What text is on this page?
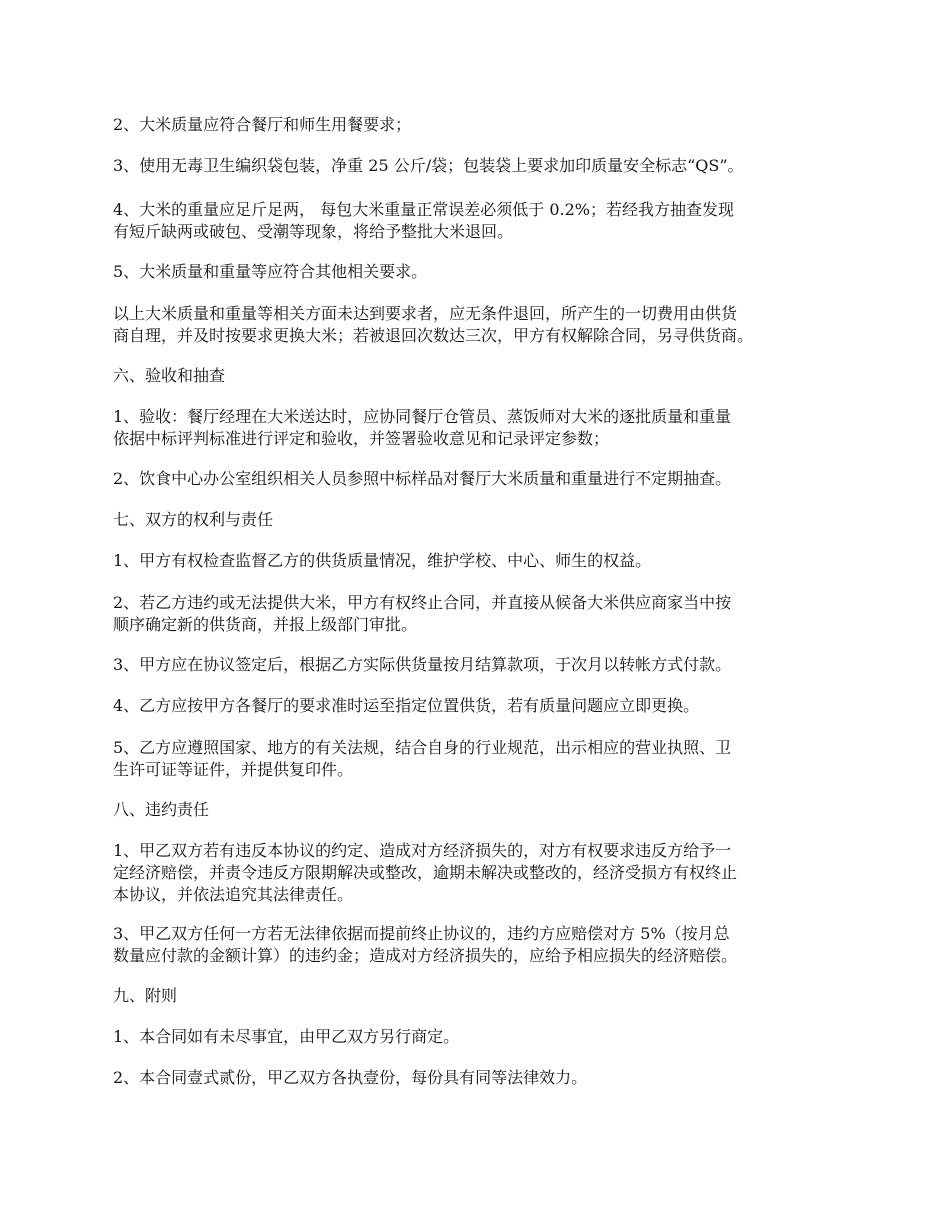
2、大米质量应符合餐厅和师生用餐要求；

3、使用无毒卫生编织袋包装，净重 25 公斤/袋；包装袋上要求加印质量安全标志“QS”。

4、大米的重量应足斤足两， 每包大米重量正常误差必须低于 0.2%；若经我方抽查发现
有短斤缺两或破包、受潮等现象，将给予整批大米退回。

5、大米质量和重量等应符合其他相关要求。

以上大米质量和重量等相关方面未达到要求者，应无条件退回，所产生的一切费用由供货
商自理，并及时按要求更换大米；若被退回次数达三次，甲方有权解除合同，另寻供货商。

六、验收和抽查

1、验收：餐厅经理在大米送达时，应协同餐厅仓管员、蒸饭师对大米的逐批质量和重量
依据中标评判标准进行评定和验收，并签署验收意见和记录评定参数；

2、饮食中心办公室组织相关人员参照中标样品对餐厅大米质量和重量进行不定期抽查。

七、双方的权利与责任

1、甲方有权检查监督乙方的供货质量情况，维护学校、中心、师生的权益。

2、若乙方违约或无法提供大米，甲方有权终止合同，并直接从候备大米供应商家当中按
顺序确定新的供货商，并报上级部门审批。

3、甲方应在协议签定后，根据乙方实际供货量按月结算款项，于次月以转帐方式付款。

4、乙方应按甲方各餐厅的要求准时运至指定位置供货，若有质量问题应立即更换。

5、乙方应遵照国家、地方的有关法规，结合自身的行业规范，出示相应的营业执照、卫
生许可证等证件，并提供复印件。

八、违约责任

1、甲乙双方若有违反本协议的约定、造成对方经济损失的，对方有权要求违反方给予一
定经济赔偿，并责令违反方限期解决或整改，逾期未解决或整改的，经济受损方有权终止
本协议，并依法追究其法律责任。

3、甲乙双方任何一方若无法律依据而提前终止协议的，违约方应赔偿对方 5%（按月总
数量应付款的金额计算）的违约金；造成对方经济损失的，应给予相应损失的经济赔偿。

九、附则

1、本合同如有未尽事宜，由甲乙双方另行商定。

2、本合同壹式贰份，甲乙双方各执壹份，每份具有同等法律效力。
